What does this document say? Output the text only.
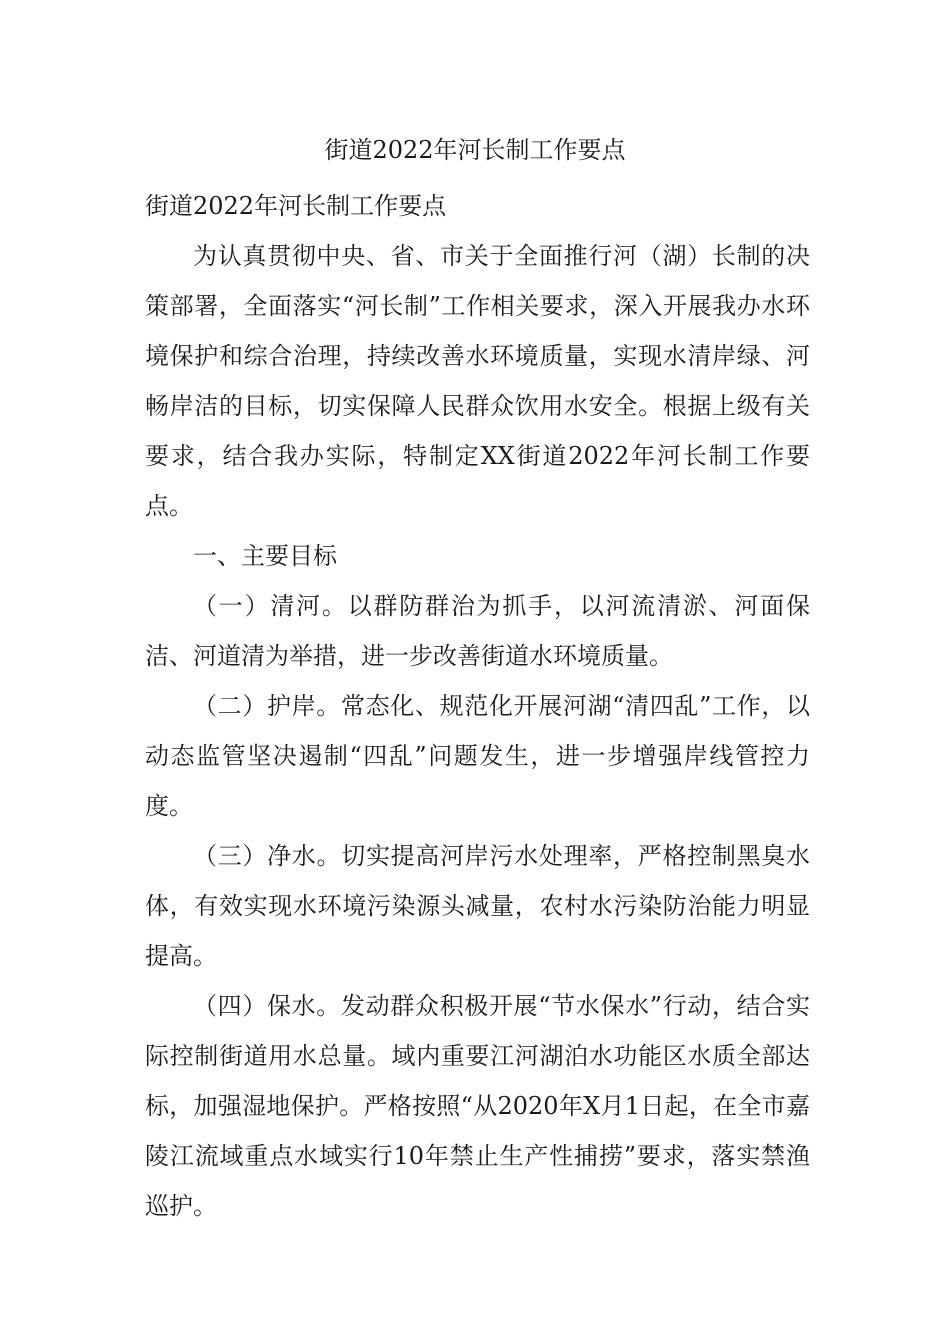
街道2022年河长制工作要点

街道2022年河长制工作要点

为认真贯彻中央、省、市关于全面推行河（湖）长制的决策部署，全面落实“河长制”工作相关要求，深入开展我办水环境保护和综合治理，持续改善水环境质量，实现水清岸绿、河畅岸洁的目标，切实保障人民群众饮用水安全。根据上级有关要求，结合我办实际，特制定XX街道2022年河长制工作要点。

一、主要目标

（一）清河。以群防群治为抓手，以河流清淤、河面保洁、河道清为举措，进一步改善街道水环境质量。

（二）护岸。常态化、规范化开展河湖“清四乱”工作，以动态监管坚决遏制“四乱”问题发生，进一步增强岸线管控力度。

（三）净水。切实提高河岸污水处理率，严格控制黑臭水体，有效实现水环境污染源头减量，农村水污染防治能力明显提高。

（四）保水。发动群众积极开展“节水保水”行动，结合实际控制街道用水总量。域内重要江河湖泊水功能区水质全部达标，加强湿地保护。严格按照“从2020年X月1日起，在全市嘉陵江流域重点水域实行10年禁止生产性捕捞”要求，落实禁渔巡护。
